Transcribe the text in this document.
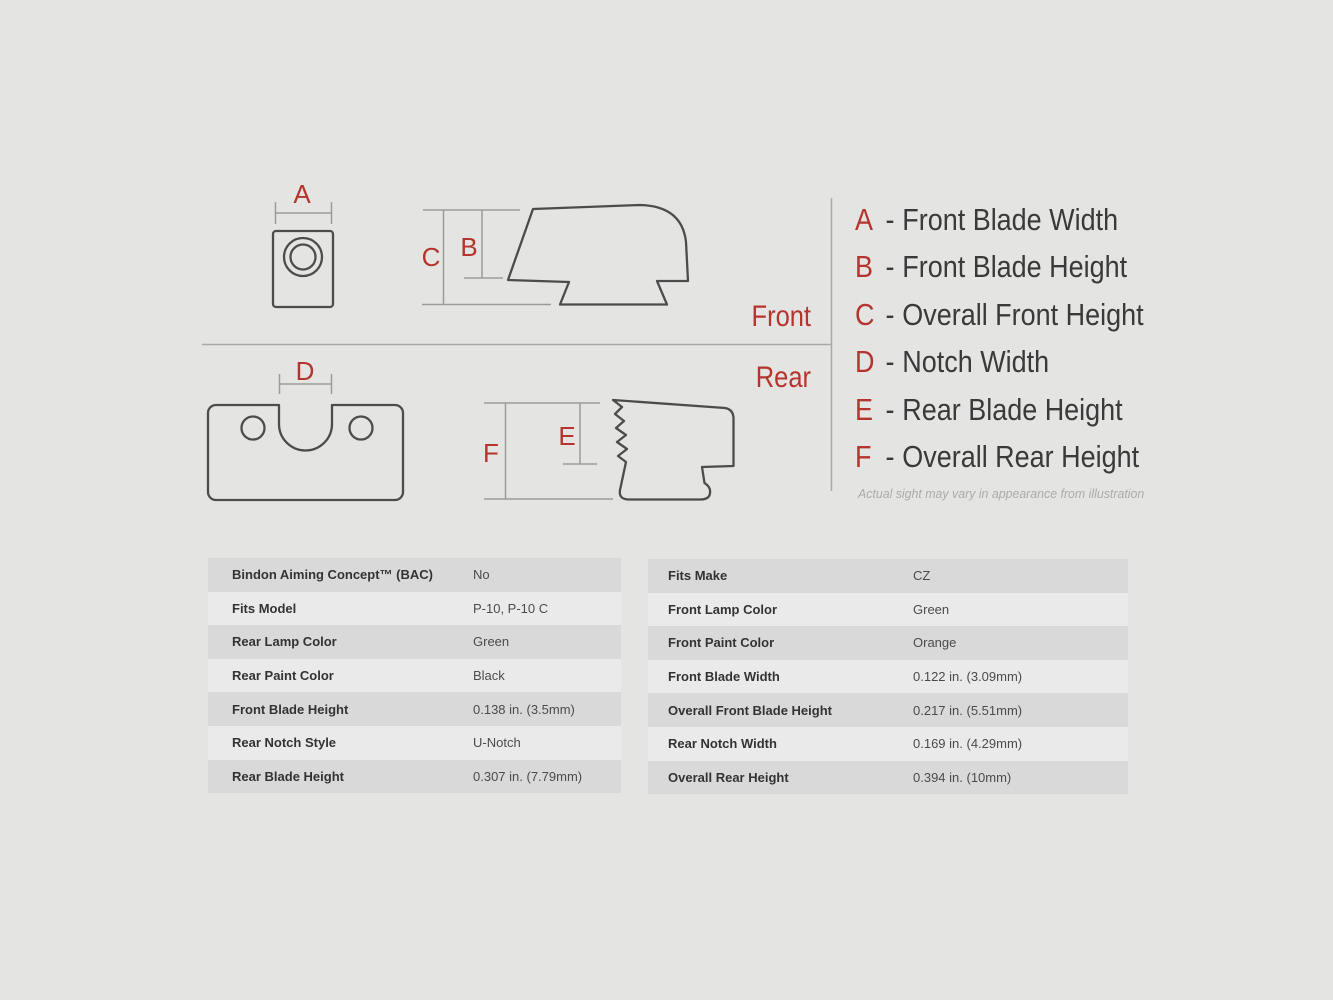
A
B
C
D
E
F
Front
Rear
A - Front Blade Width
B - Front Blade Height
C - Overall Front Height
D - Notch Width
E - Rear Blade Height
F - Overall Rear Height
Actual sight may vary in appearance from illustration
Bindon Aiming Concept™ (BAC)	No
Fits Model	P-10, P-10 C
Rear Lamp Color	Green
Rear Paint Color	Black
Front Blade Height	0.138 in. (3.5mm)
Rear Notch Style	U-Notch
Rear Blade Height	0.307 in. (7.79mm)
Fits Make	CZ
Front Lamp Color	Green
Front Paint Color	Orange
Front Blade Width	0.122 in. (3.09mm)
Overall Front Blade Height	0.217 in. (5.51mm)
Rear Notch Width	0.169 in. (4.29mm)
Overall Rear Height	0.394 in. (10mm)
